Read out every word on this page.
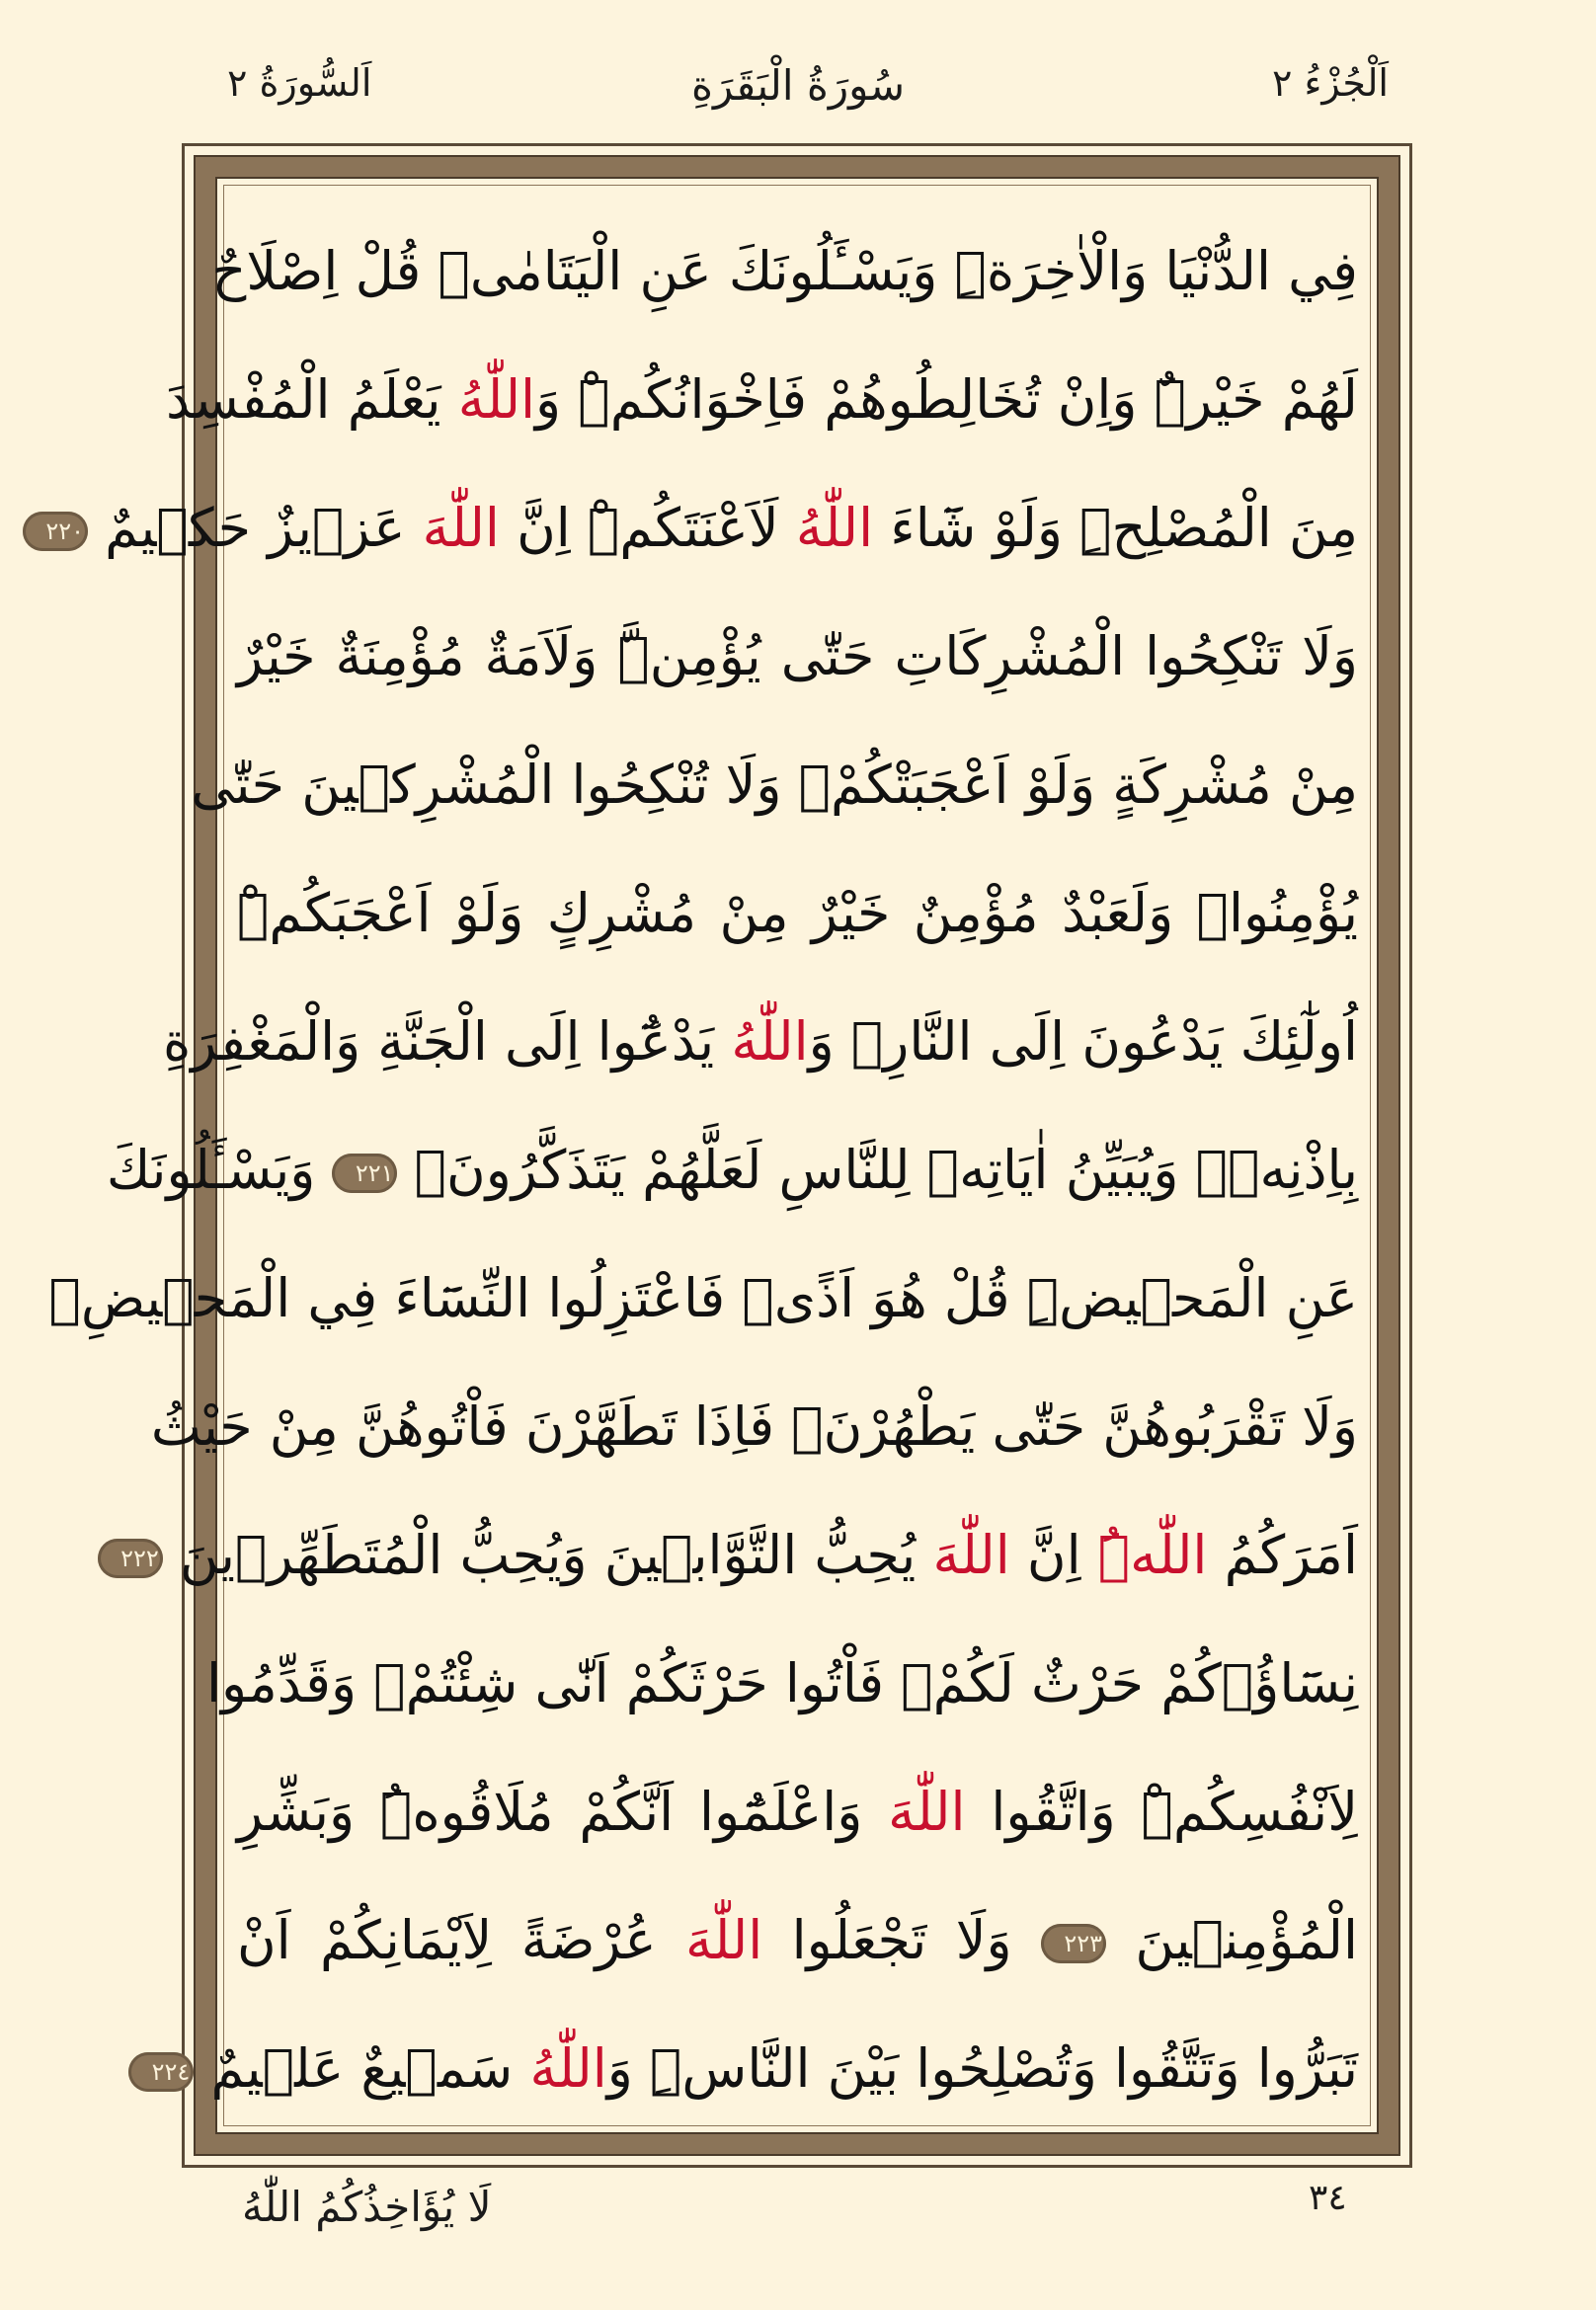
اَلْجُزْءُ ٢
سُورَةُ الْبَقَرَةِ
اَلسُّورَةُ ٢
فِي الدُّنْيَا وَالْاٰخِرَةِۜ وَيَسْـَٔلُونَكَ عَنِ الْيَتَامٰىۜ قُلْ اِصْلَاحٌ
لَهُمْ خَيْرٌۜ وَاِنْ تُخَالِطُوهُمْ فَاِخْوَانُكُمْۜ وَاللّٰهُ يَعْلَمُ الْمُفْسِدَ
مِنَ الْمُصْلِحِۜ وَلَوْ شَٓاءَ اللّٰهُ لَاَعْنَتَكُمْۜ اِنَّ اللّٰهَ عَزٖيزٌ حَكٖيمٌ ٢٢٠
وَلَا تَنْكِحُوا الْمُشْرِكَاتِ حَتّٰى يُؤْمِنَّۜ وَلَاَمَةٌ مُؤْمِنَةٌ خَيْرٌ
مِنْ مُشْرِكَةٍ وَلَوْ اَعْجَبَتْكُمْۚ وَلَا تُنْكِحُوا الْمُشْرِكٖينَ حَتّٰى
يُؤْمِنُواۜ وَلَعَبْدٌ مُؤْمِنٌ خَيْرٌ مِنْ مُشْرِكٍ وَلَوْ اَعْجَبَكُمْۜ
اُولٰٓئِكَ يَدْعُونَ اِلَى النَّارِۚ وَاللّٰهُ يَدْعُٓوا اِلَى الْجَنَّةِ وَالْمَغْفِرَةِ
بِاِذْنِهٖۚ وَيُبَيِّنُ اٰيَاتِهٖ لِلنَّاسِ لَعَلَّهُمْ يَتَذَكَّرُونَ۟ ٢٢١ وَيَسْـَٔلُونَكَ
عَنِ الْمَحٖيضِۜ قُلْ هُوَ اَذًىۙ فَاعْتَزِلُوا النِّسَٓاءَ فِي الْمَحٖيضِۙ
وَلَا تَقْرَبُوهُنَّ حَتّٰى يَطْهُرْنَۚ فَاِذَا تَطَهَّرْنَ فَاْتُوهُنَّ مِنْ حَيْثُ
اَمَرَكُمُ اللّٰهُۜ اِنَّ اللّٰهَ يُحِبُّ التَّوَّابٖينَ وَيُحِبُّ الْمُتَطَهِّرٖينَ ٢٢٢
نِسَٓاؤُ۬كُمْ حَرْثٌ لَكُمْۖ فَاْتُوا حَرْثَكُمْ اَنّٰى شِئْتُمْۘ وَقَدِّمُوا
لِاَنْفُسِكُمْۜ وَاتَّقُوا اللّٰهَ وَاعْلَمُٓوا اَنَّكُمْ مُلَاقُوهُۜ وَبَشِّرِ
الْمُؤْمِنٖينَ ٢٢٣ وَلَا تَجْعَلُوا اللّٰهَ عُرْضَةً لِاَيْمَانِكُمْ اَنْ
تَبَرُّوا وَتَتَّقُوا وَتُصْلِحُوا بَيْنَ النَّاسِۜ وَاللّٰهُ سَمٖيعٌ عَلٖيمٌ ٢٢٤
٣٤
لَا يُؤَاخِذُكُمُ اللّٰهُ
